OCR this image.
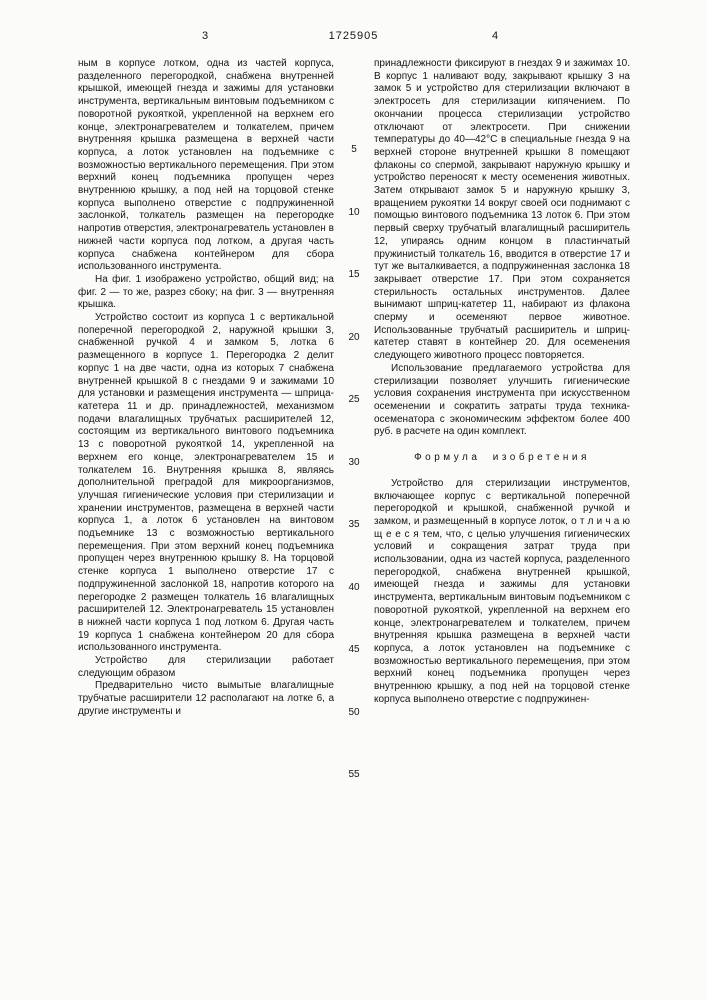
3	1725905	4

ным в корпусе лотком, одна из частей корпуса, разделенного перегородкой, снабжена внутренней крышкой, имеющей гнезда и зажимы для установки инструмента, вертикальным винтовым подъемником с поворотной рукояткой, укрепленной на верхнем его конце, электронагревателем и толкателем, причем внутренняя крышка размещена в верхней части корпуса, а лоток установлен на подъемнике с возможностью вертикального перемещения. При этом верхний конец подъемника пропущен через внутреннюю крышку, а под ней на торцовой стенке корпуса выполнено отверстие с подпружиненной заслонкой, толкатель размещен на перегородке напротив отверстия, электронагреватель установлен в нижней части корпуса под лотком, а другая часть корпуса снабжена контейнером для сбора использованного инструмента.

На фиг. 1 изображено устройство, общий вид; на фиг. 2 — то же, разрез сбоку; на фиг. 3 — внутренняя крышка.

Устройство состоит из корпуса 1 с вертикальной поперечной перегородкой 2, наружной крышки 3, снабженной ручкой 4 и замком 5, лотка 6 размещенного в корпусе 1. Перегородка 2 делит корпус 1 на две части, одна из которых 7 снабжена внутренней крышкой 8 с гнездами 9 и зажимами 10 для установки и размещения инструмента — шприца-катетера 11 и др. принадлежностей, механизмом подачи влагалищных трубчатых расширителей 12, состоящим из вертикального винтового подъемника 13 с поворотной рукояткой 14, укрепленной на верхнем его конце, электронагревателем 15 и толкателем 16. Внутренняя крышка 8, являясь дополнительной преградой для микроорганизмов, улучшая гигиенические условия при стерилизации и хранении инструментов, размещена в верхней части корпуса 1, а лоток 6 установлен на винтовом подъемнике 13 с возможностью вертикального перемещения. При этом верхний конец подъемника пропущен через внутреннюю крышку 8. На торцовой стенке корпуса 1 выполнено отверстие 17 с подпружиненной заслонкой 18, напротив которого на перегородке 2 размещен толкатель 16 влагалищных расширителей 12. Электронагреватель 15 установлен в нижней части корпуса 1 под лотком 6. Другая часть 19 корпуса 1 снабжена контейнером 20 для сбора использованного инструмента.

Устройство для стерилизации работает следующим образом

Предварительно чисто вымытые влагалищные трубчатые расширители 12 располагают на лотке 6, а другие инструменты и

5
10
15
20
25
30
35
40
45
50
55

принадлежности фиксируют в гнездах 9 и зажимах 10. В корпус 1 наливают воду, закрывают крышку 3 на замок 5 и устройство для стерилизации включают в электросеть для стерилизации кипячением. По окончании процесса стерилизации устройство отключают от электросети. При снижении температуры до 40—42°С в специальные гнезда 9 на верхней стороне внутренней крышки 8 помещают флаконы со спермой, закрывают наружную крышку и устройство переносят к месту осеменения животных. Затем открывают замок 5 и наружную крышку 3, вращением рукоятки 14 вокруг своей оси поднимают с помощью винтового подъемника 13 лоток 6. При этом первый сверху трубчатый влагалищный расширитель 12, упираясь одним концом в пластинчатый пружинистый толкатель 16, вводится в отверстие 17 и тут же выталкивается, а подпружиненная заслонка 18 закрывает отверстие 17. При этом сохраняется стерильность остальных инструментов. Далее вынимают шприц-катетер 11, набирают из флакона сперму и осеменяют первое животное. Использованные трубчатый расширитель и шприц-катетер ставят в контейнер 20. Для осеменения следующего животного процесс повторяется.

Использование предлагаемого устройства для стерилизации позволяет улучшить гигиенические условия сохранения инструмента при искусственном осеменении и сократить затраты труда техника-осеменатора с экономическим эффектом более 400 руб. в расчете на один комплект.

Формула изобретения

Устройство для стерилизации инструментов, включающее корпус с вертикальной поперечной перегородкой и крышкой, снабженной ручкой и замком, и размещенный в корпусе лоток, о т л и ч а ю щ е е с я тем, что, с целью улучшения гигиенических условий и сокращения затрат труда при использовании, одна из частей корпуса, разделенного перегородкой, снабжена внутренней крышкой, имеющей гнезда и зажимы для установки инструмента, вертикальным винтовым подъемником с поворотной рукояткой, укрепленной на верхнем его конце, электронагревателем и толкателем, причем внутренняя крышка размещена в верхней части корпуса, а лоток установлен на подъемнике с возможностью вертикального перемещения, при этом верхний конец подъемника пропущен через внутреннюю крышку, а под ней на торцовой стенке корпуса выполнено отверстие с подпружинен-
